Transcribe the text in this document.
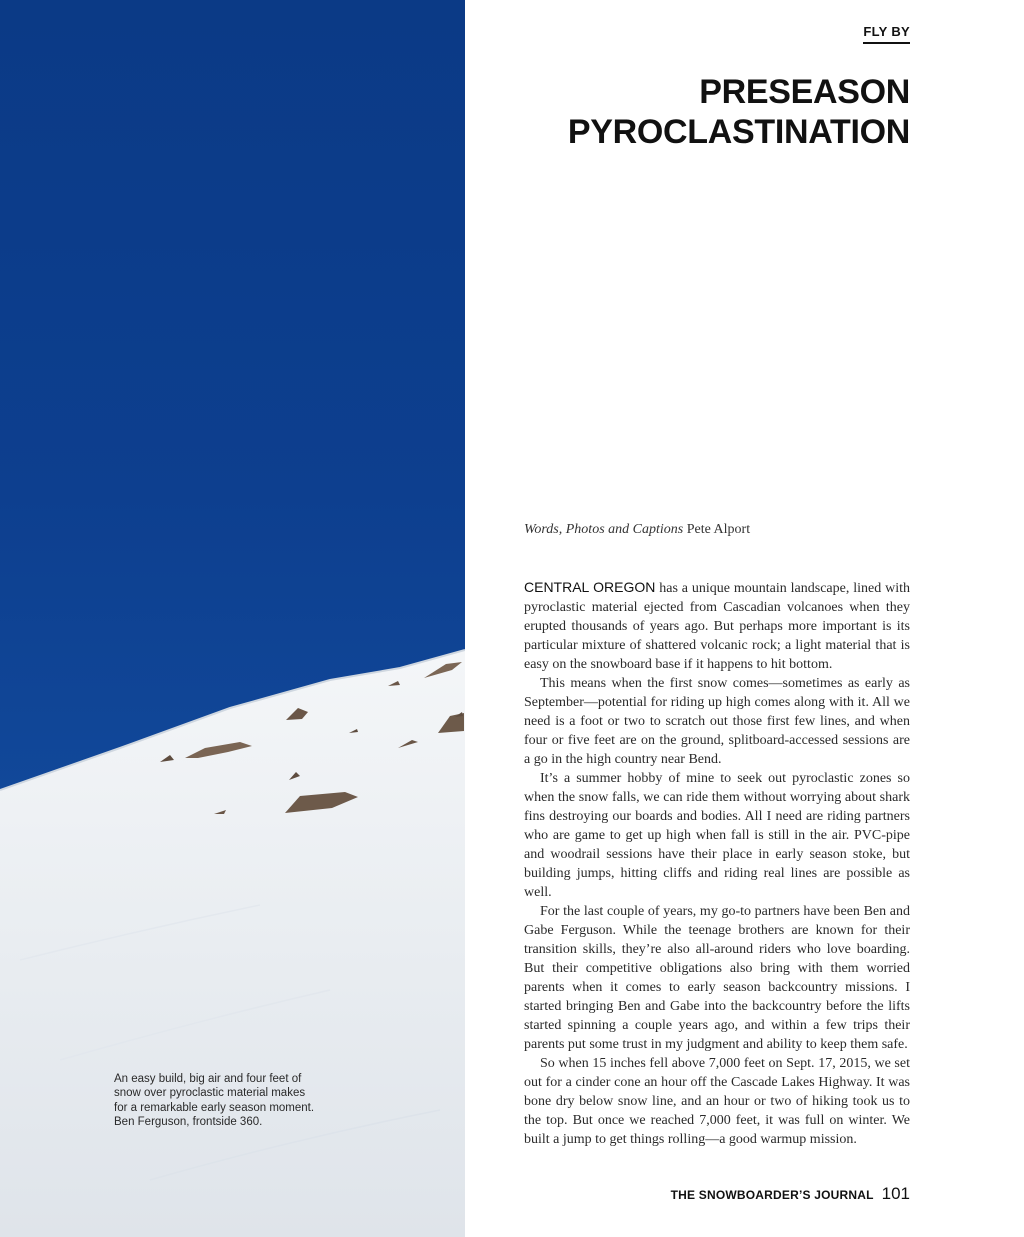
An easy build, big air and four feet of snow over pyroclastic material makes for a remarkable early season moment. Ben Ferguson, frontside 360.

FLY BY
PRESEASON
PYROCLASTINATION
Words, Photos and Captions Pete Alport

CENTRAL OREGON has a unique mountain landscape, lined with pyroclastic material ejected from Cascadian volcanoes when they erupted thousands of years ago. But perhaps more important is its particular mixture of shattered volcanic rock; a light material that is easy on the snowboard base if it happens to hit bottom.

This means when the first snow comes—sometimes as early as September—potential for riding up high comes along with it. All we need is a foot or two to scratch out those first few lines, and when four or five feet are on the ground, splitboard-accessed sessions are a go in the high country near Bend.

It’s a summer hobby of mine to seek out pyroclastic zones so when the snow falls, we can ride them without worrying about shark fins destroying our boards and bodies. All I need are riding partners who are game to get up high when fall is still in the air. PVC-pipe and woodrail sessions have their place in early season stoke, but building jumps, hitting cliffs and riding real lines are possible as well.

For the last couple of years, my go-to partners have been Ben and Gabe Ferguson. While the teenage brothers are known for their transition skills, they’re also all-around riders who love boarding. But their competitive obligations also bring with them worried parents when it comes to early season backcountry missions. I started bringing Ben and Gabe into the backcountry before the lifts started spinning a couple years ago, and within a few trips their parents put some trust in my judgment and ability to keep them safe.

So when 15 inches fell above 7,000 feet on Sept. 17, 2015, we set out for a cinder cone an hour off the Cascade Lakes Highway. It was bone dry below snow line, and an hour or two of hiking took us to the top. But once we reached 7,000 feet, it was full on winter. We built a jump to get things rolling—a good warmup mission.

THE SNOWBOARDER’S JOURNAL 101
